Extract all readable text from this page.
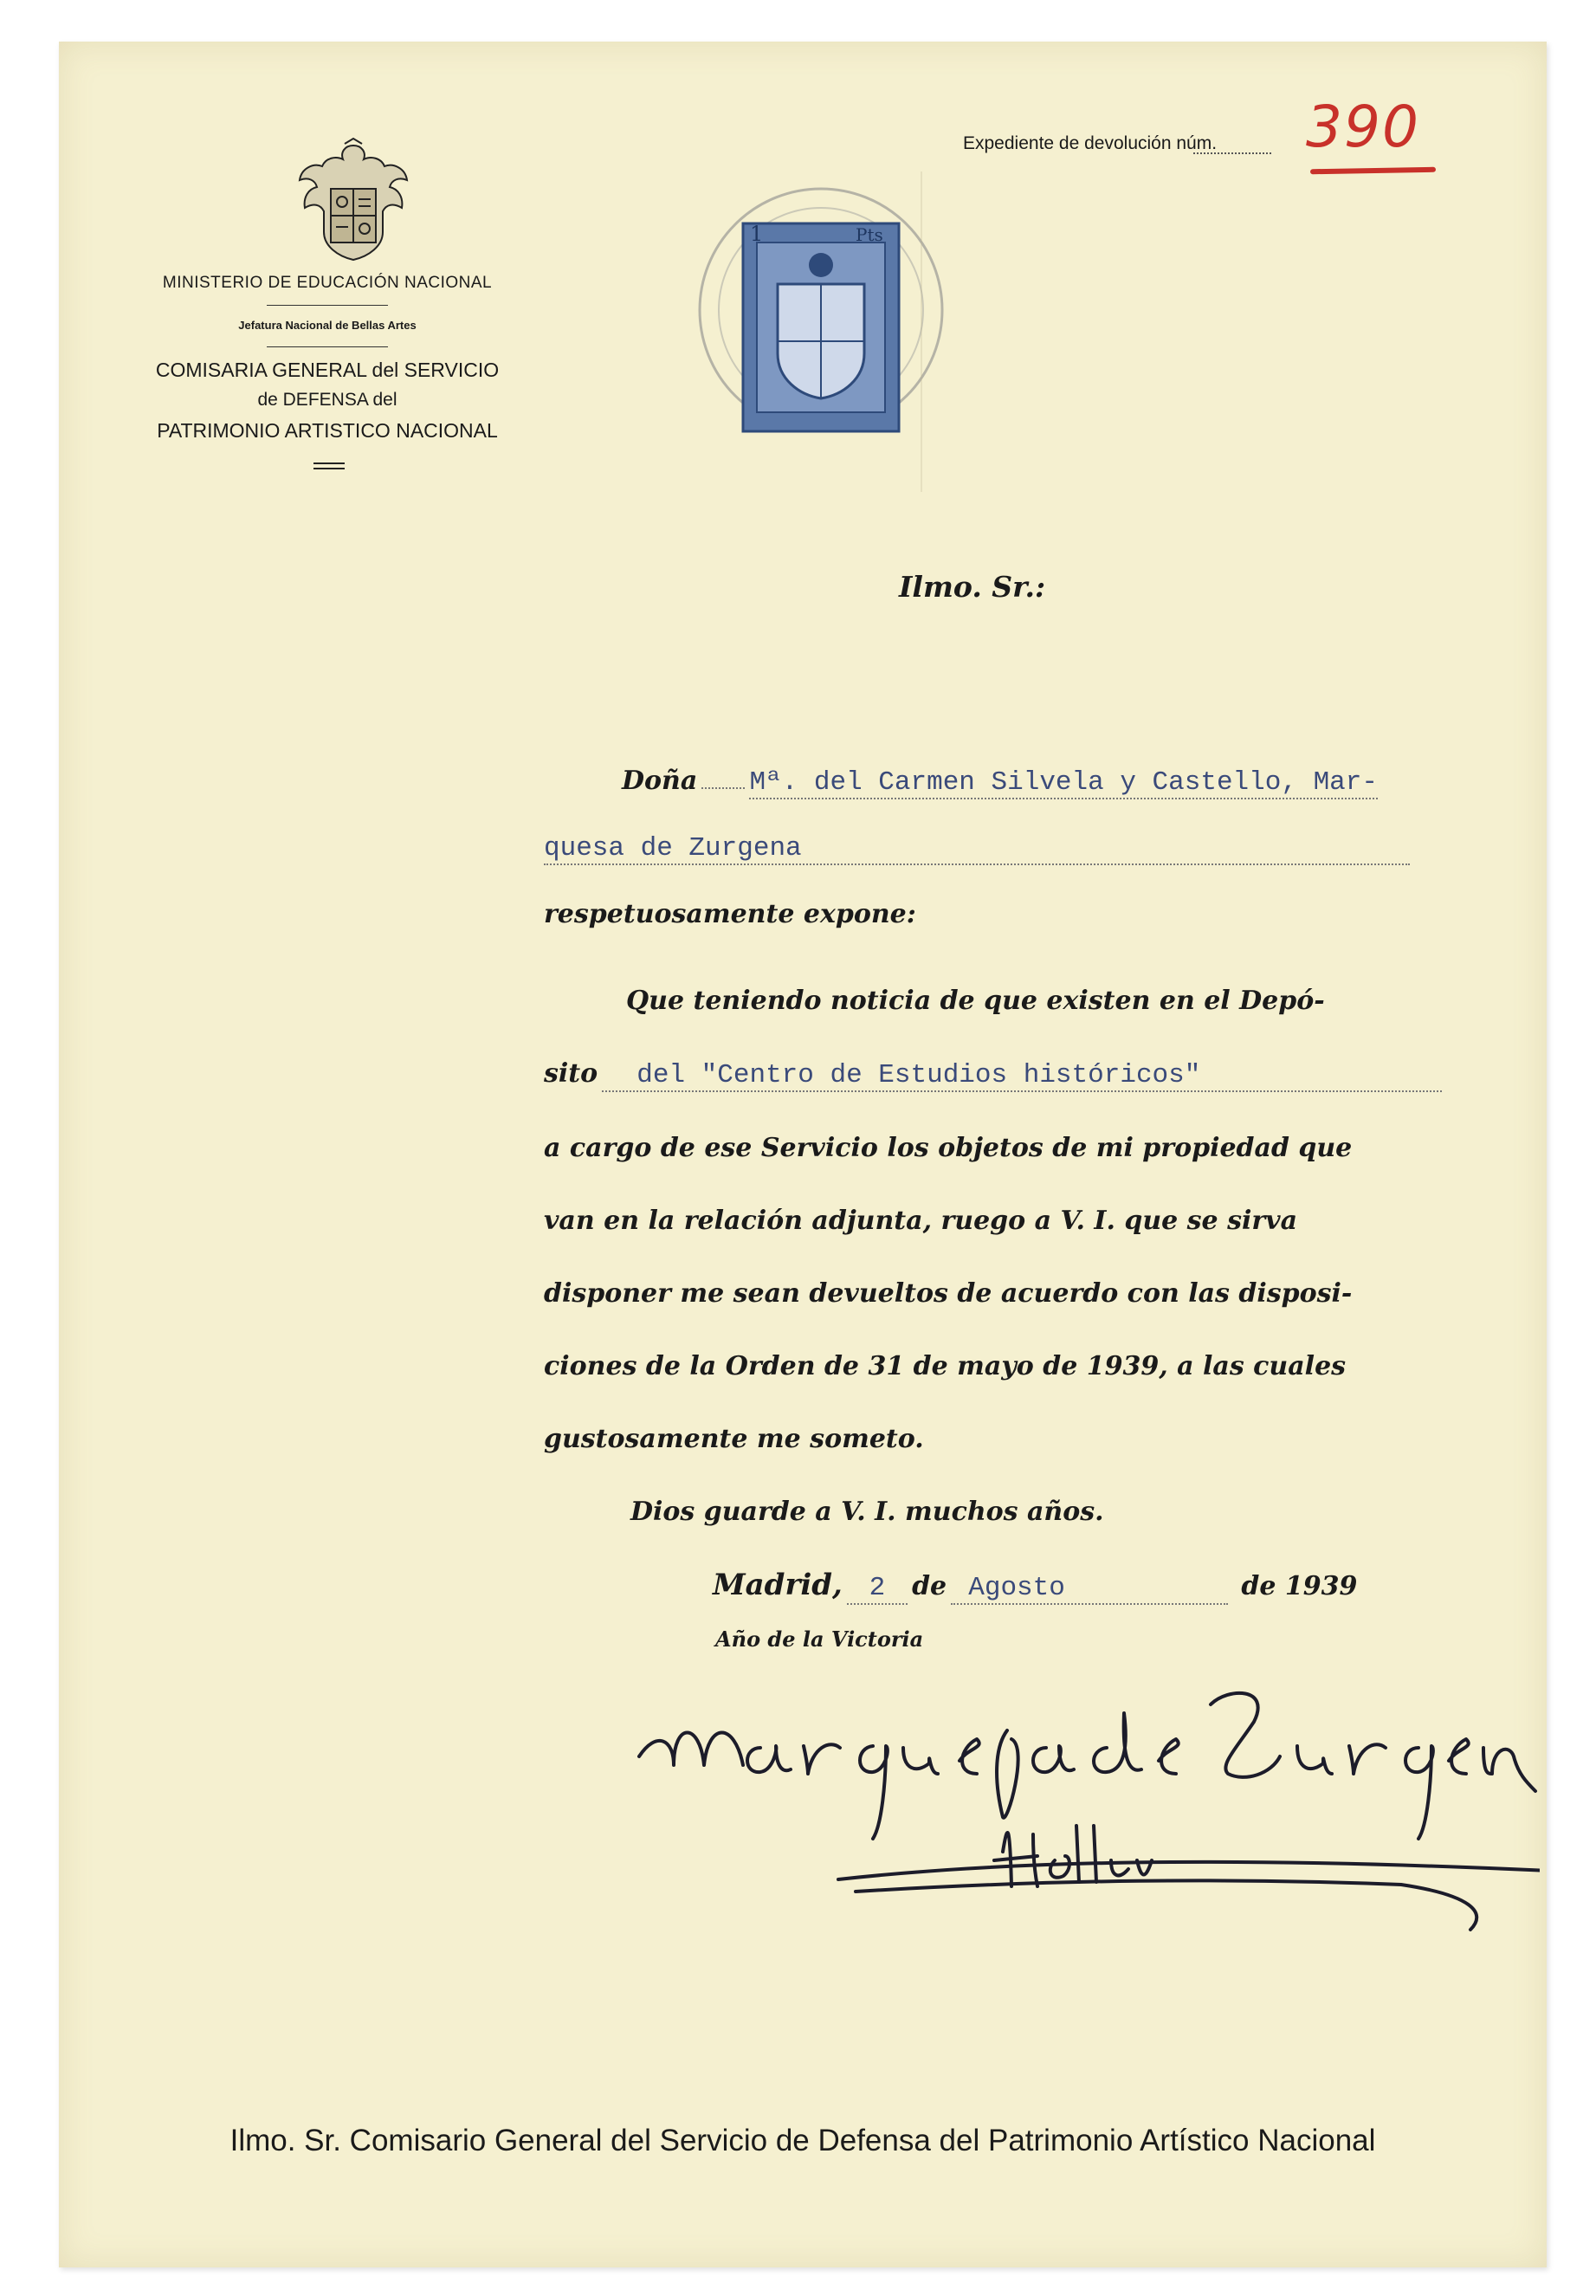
MINISTERIO DE EDUCACIÓN NACIONAL
Jefatura Nacional de Bellas Artes
COMISARIA GENERAL del SERVICIO
de DEFENSA del
PATRIMONIO ARTISTICO NACIONAL
1	Pts
Expediente de devolución núm. 390
Ilmo. Sr.:
Doña Mª. del Carmen Silvela y Castello, Mar-
quesa de Zurgena
respetuosamente expone:
Que teniendo noticia de que existen en el Depó-
sito del "Centro de Estudios históricos"
a cargo de ese Servicio los objetos de mi propiedad que
van en la relación adjunta, ruego a V. I. que se sirva
disponer me sean devueltos de acuerdo con las disposi-
ciones de la Orden de 31 de mayo de 1939, a las cuales
gustosamente me someto.
Dios guarde a V. I. muchos años.
Madrid, 2 de Agosto	de 1939
Año de la Victoria
Ilmo. Sr. Comisario General del Servicio de Defensa del Patrimonio Artístico Nacional
